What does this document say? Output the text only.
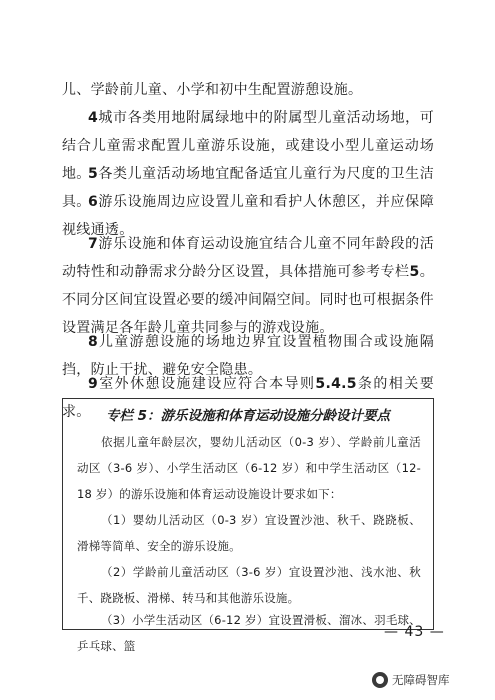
儿、学龄前儿童、小学和初中生配置游憩设施。

4城市各类用地附属绿地中的附属型儿童活动场地，可结合儿童需求配置儿童游乐设施，或建设小型儿童运动场地。

5各类儿童活动场地宜配备适宜儿童行为尺度的卫生洁具。

6游乐设施周边应设置儿童和看护人休憩区，并应保障视线通透。

7游乐设施和体育运动设施宜结合儿童不同年龄段的活动特性和动静需求分龄分区设置，具体措施可参考专栏5。不同分区间宜设置必要的缓冲间隔空间。同时也可根据条件设置满足各年龄儿童共同参与的游戏设施。

8儿童游憩设施的场地边界宜设置植物围合或设施隔挡，防止干扰、避免安全隐患。

9室外休憩设施建设应符合本导则5.4.5条的相关要求。	专栏 5：游乐设施和体育运动设施分龄设计要点

依据儿童年龄层次，婴幼儿活动区（0-3 岁）、学龄前儿童活动区（3-6 岁）、小学生活动区（6-12 岁）和中学生活动区（12-18 岁）的游乐设施和体育运动设施设计要求如下：

（1）婴幼儿活动区（0-3 岁）宜设置沙池、秋千、跷跷板、滑梯等简单、安全的游乐设施。

（2）学龄前儿童活动区（3-6 岁）宜设置沙池、浅水池、秋千、跷跷板、滑梯、转马和其他游乐设施。

（3）小学生活动区（6-12 岁）宜设置滑板、溜冰、羽毛球、乒乓球、篮

— 43 —
无障碍智库
